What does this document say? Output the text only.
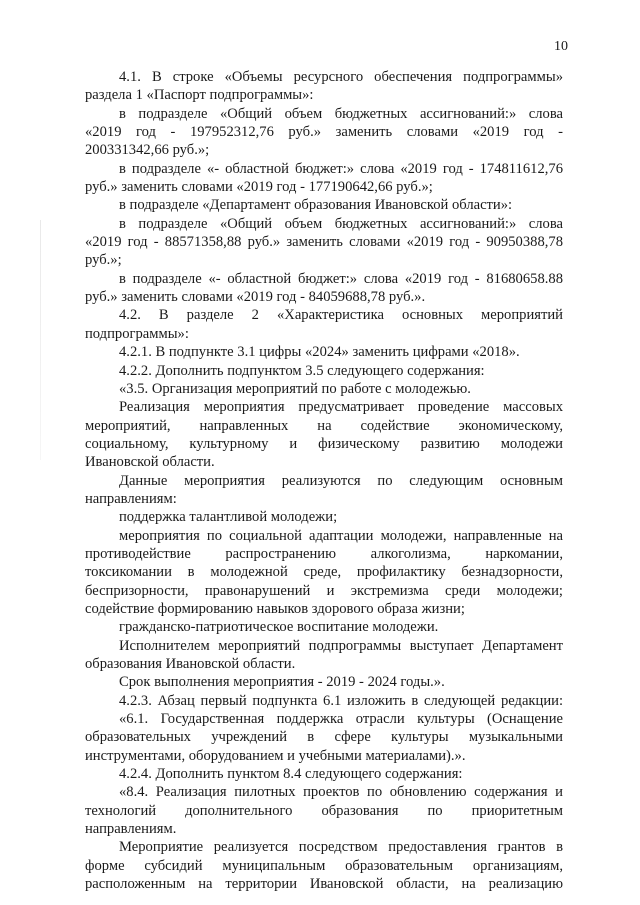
10
4.1. В строке «Объемы ресурсного обеспечения подпрограммы»
раздела 1 «Паспорт подпрограммы»:
в подразделе «Общий объем бюджетных ассигнований:» слова
«2019 год - 197952312,76 руб.» заменить словами «2019 год -
200331342,66 руб.»;
в подразделе «- областной бюджет:» слова «2019 год - 174811612,76
руб.» заменить словами «2019 год - 177190642,66 руб.»;
в подразделе «Департамент образования Ивановской области»:
в подразделе «Общий объем бюджетных ассигнований:» слова
«2019 год - 88571358,88 руб.» заменить словами «2019 год - 90950388,78
руб.»;
в подразделе «- областной бюджет:» слова «2019 год - 81680658.88
руб.» заменить словами «2019 год - 84059688,78 руб.».
4.2. В разделе 2 «Характеристика основных мероприятий
подпрограммы»:
4.2.1. В подпункте 3.1 цифры «2024» заменить цифрами «2018».
4.2.2. Дополнить подпунктом 3.5 следующего содержания:
«3.5. Организация мероприятий по работе с молодежью.
Реализация мероприятия предусматривает проведение массовых
мероприятий, направленных на содействие экономическому,
социальному, культурному и физическому развитию молодежи
Ивановской области.
Данные мероприятия реализуются по следующим основным
направлениям:
поддержка талантливой молодежи;
мероприятия по социальной адаптации молодежи, направленные на
противодействие распространению алкоголизма, наркомании,
токсикомании в молодежной среде, профилактику безнадзорности,
беспризорности, правонарушений и экстремизма среди молодежи;
содействие формированию навыков здорового образа жизни;
гражданско-патриотическое воспитание молодежи.
Исполнителем мероприятий подпрограммы выступает Департамент
образования Ивановской области.
Срок выполнения мероприятия - 2019 - 2024 годы.».
4.2.3. Абзац первый подпункта 6.1 изложить в следующей редакции:
«6.1. Государственная поддержка отрасли культуры (Оснащение
образовательных учреждений в сфере культуры музыкальными
инструментами, оборудованием и учебными материалами).».
4.2.4. Дополнить пунктом 8.4 следующего содержания:
«8.4. Реализация пилотных проектов по обновлению содержания и
технологий дополнительного образования по приоритетным
направлениям.
Мероприятие реализуется посредством предоставления грантов в
форме субсидий муниципальным образовательным организациям,
расположенным на территории Ивановской области, на реализацию
